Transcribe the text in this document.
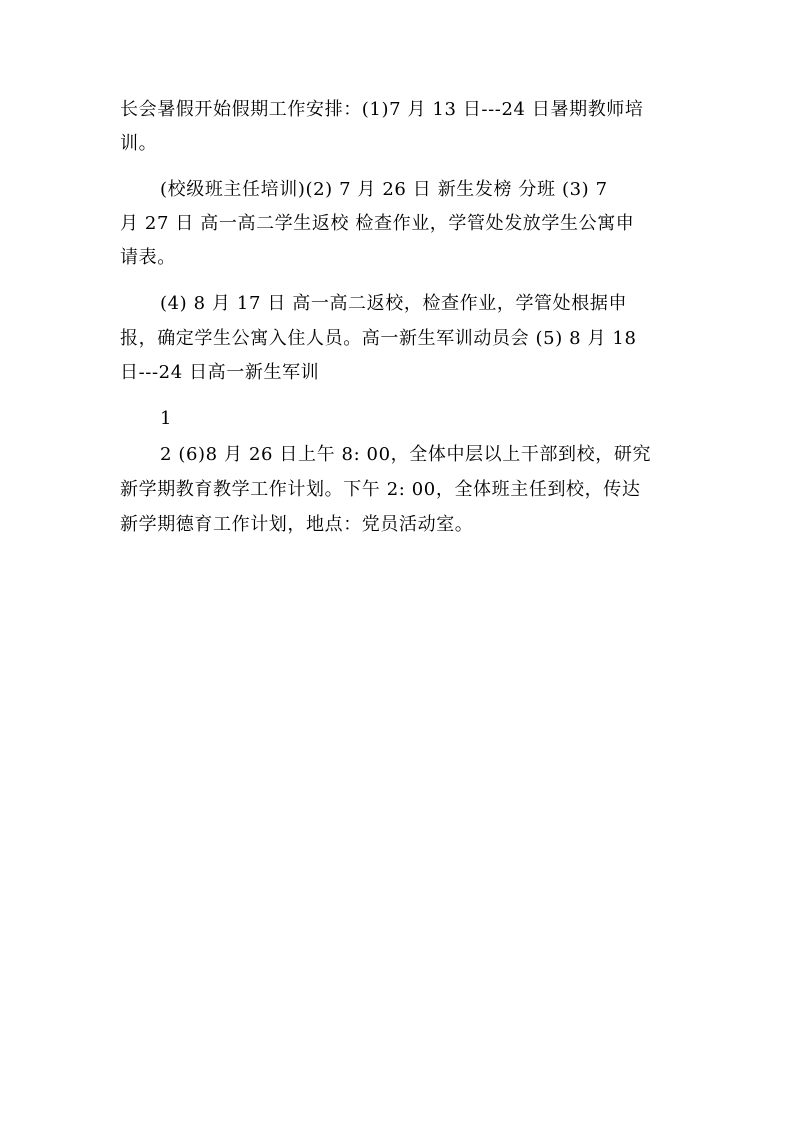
长会暑假开始假期工作安排：(1)7 月 13 日---24 日暑期教师培
训。
(校级班主任培训)(2) 7 月 26 日 新生发榜 分班 (3) 7
月 27 日 高一高二学生返校 检查作业，学管处发放学生公寓申
请表。
(4) 8 月 17 日 高一高二返校，检查作业，学管处根据申
报，确定学生公寓入住人员。高一新生军训动员会 (5) 8 月 18
日---24 日高一新生军训
1
2 (6)8 月 26 日上午 8: 00，全体中层以上干部到校，研究
新学期教育教学工作计划。下午 2: 00，全体班主任到校，传达
新学期德育工作计划，地点：党员活动室。
